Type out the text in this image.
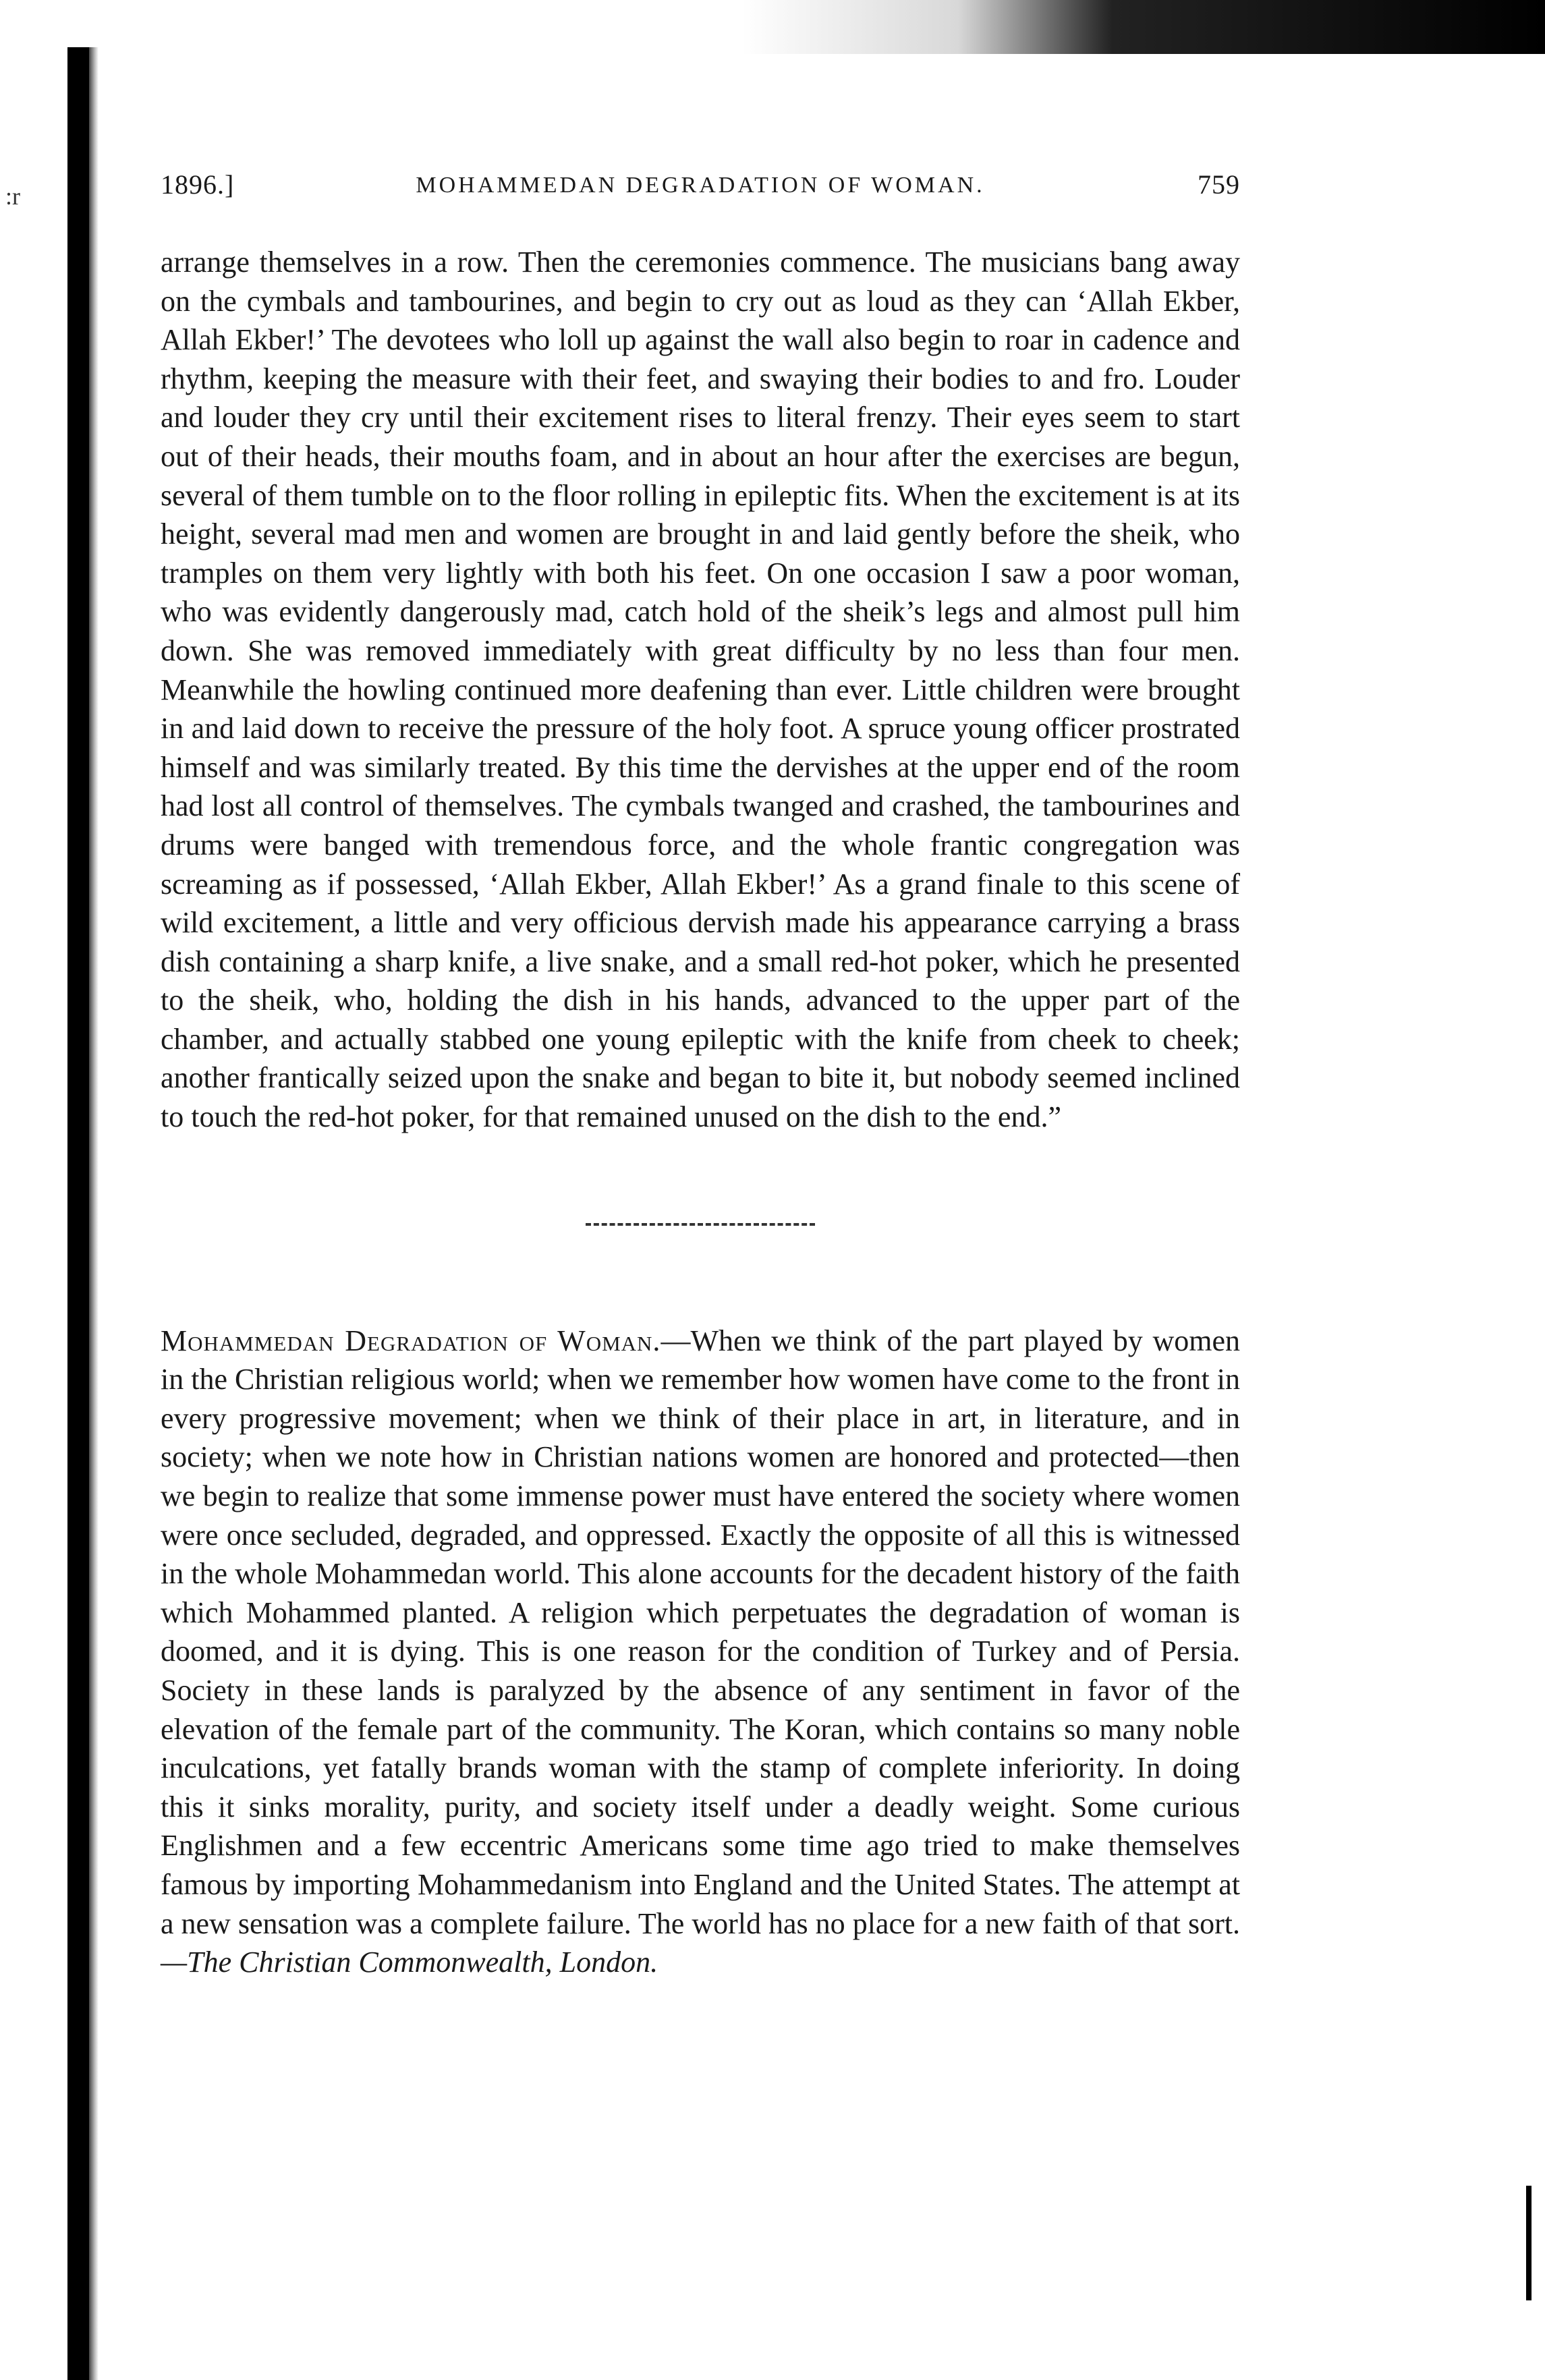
:r	1896.]	MOHAMMEDAN DEGRADATION OF WOMAN.	759

arrange themselves in a row. Then the ceremonies commence. The musicians bang away on the cymbals and tambourines, and begin to cry out as loud as they can ‘Allah Ekber, Allah Ekber!’ The devotees who loll up against the wall also begin to roar in cadence and rhythm, keeping the measure with their feet, and swaying their bodies to and fro. Louder and louder they cry until their excitement rises to literal frenzy. Their eyes seem to start out of their heads, their mouths foam, and in about an hour after the exercises are begun, several of them tumble on to the floor rolling in epileptic fits. When the excitement is at its height, several mad men and women are brought in and laid gently before the sheik, who tramples on them very lightly with both his feet. On one occasion I saw a poor woman, who was evidently dangerously mad, catch hold of the sheik’s legs and almost pull him down. She was removed immediately with great difficulty by no less than four men. Meanwhile the howling continued more deafening than ever. Little children were brought in and laid down to receive the pressure of the holy foot. A spruce young officer prostrated himself and was similarly treated. By this time the dervishes at the upper end of the room had lost all control of themselves. The cymbals twanged and crashed, the tambourines and drums were banged with tremendous force, and the whole frantic congregation was screaming as if possessed, ‘Allah Ekber, Allah Ekber!’ As a grand finale to this scene of wild excitement, a little and very officious dervish made his appearance carrying a brass dish containing a sharp knife, a live snake, and a small red-hot poker, which he presented to the sheik, who, holding the dish in his hands, advanced to the upper part of the chamber, and actually stabbed one young epileptic with the knife from cheek to cheek; another frantically seized upon the snake and began to bite it, but nobody seemed inclined to touch the red-hot poker, for that remained unused on the dish to the end.”

Mohammedan Degradation of Woman.—When we think of the part played by women in the Christian religious world; when we remember how women have come to the front in every progressive movement; when we think of their place in art, in literature, and in society; when we note how in Christian nations women are honored and protected—then we begin to realize that some immense power must have entered the society where women were once secluded, degraded, and oppressed. Exactly the opposite of all this is witnessed in the whole Mohammedan world. This alone accounts for the decadent history of the faith which Mohammed planted. A religion which perpetuates the degradation of woman is doomed, and it is dying. This is one reason for the condition of Turkey and of Persia. Society in these lands is paralyzed by the absence of any sentiment in favor of the elevation of the female part of the community. The Koran, which contains so many noble inculcations, yet fatally brands woman with the stamp of complete inferiority. In doing this it sinks morality, purity, and society itself under a deadly weight. Some curious Englishmen and a few eccentric Americans some time ago tried to make themselves famous by importing Mohammedanism into England and the United States. The attempt at a new sensation was a complete failure. The world has no place for a new faith of that sort.—The Christian Commonwealth, London.
